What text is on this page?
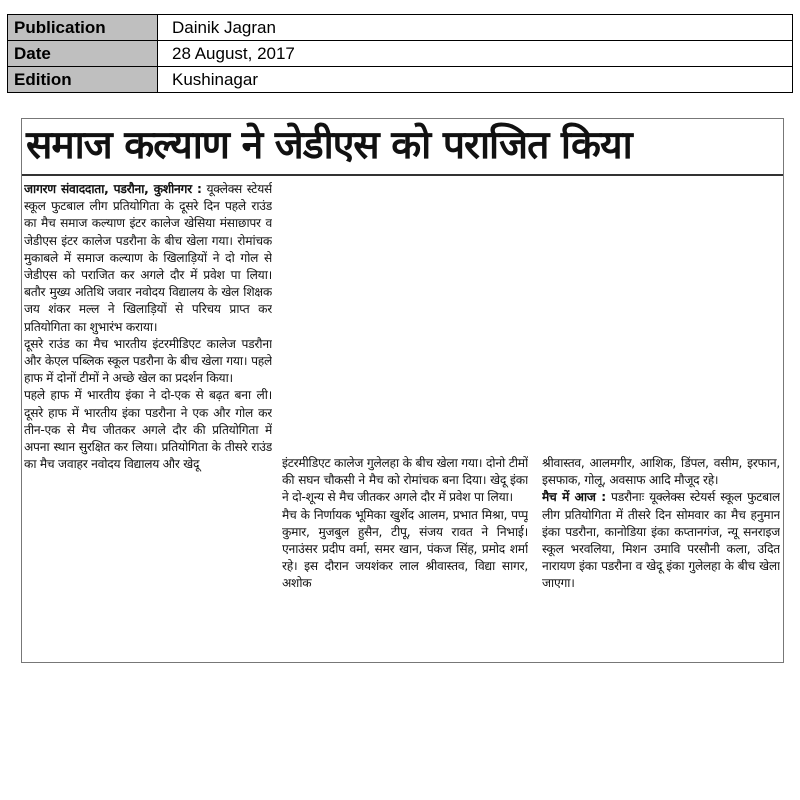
Publication	Dainik Jagran
Date	28 August, 2017
Edition	Kushinagar
समाज कल्याण ने जेडीएस को पराजित किया

जागरण संवाददाता, पडरौना, कुशीनगर : यूक्लेक्स स्टेयर्स स्कूल फुटबाल लीग प्रतियोगिता के दूसरे दिन पहले राउंड का मैच समाज कल्याण इंटर कालेज खेसिया मंसाछापर व जेडीएस इंटर कालेज पडरौना के बीच खेला गया। रोमांचक मुकाबले में समाज कल्याण के खिलाड़ियों ने दो गोल से जेडीएस को पराजित कर अगले दौर में प्रवेश पा लिया। बतौर मुख्य अतिथि जवार नवोदय विद्यालय के खेल शिक्षक जय शंकर मल्ल ने खिलाड़ियों से परिचय प्राप्त कर प्रतियोगिता का शुभारंभ कराया।

दूसरे राउंड का मैच भारतीय इंटरमीडिएट कालेज पडरौना और केएल पब्लिक स्कूल पडरौना के बीच खेला गया। पहले हाफ में दोनों टीमों ने अच्छे खेल का प्रदर्शन किया।

पहले हाफ में भारतीय इंका ने दो-एक से बढ़त बना ली। दूसरे हाफ में भारतीय इंका पडरौना ने एक और गोल कर तीन-एक से मैच जीतकर अगले दौर की प्रतियोगिता में अपना स्थान सुरक्षित कर लिया। प्रतियोगिता के तीसरे राउंड का मैच जवाहर नवोदय विद्यालय और खेदू	इंटरमीडिएट कालेज गुलेलहा के बीच खेला गया। दोनो टीमों की सघन चौकसी ने मैच को रोमांचक बना दिया। खेदू इंका ने दो-शून्य से मैच जीतकर अगले दौर में प्रवेश पा लिया।

मैच के निर्णायक भूमिका खुर्शेद आलम, प्रभात मिश्रा, पप्पू कुमार, मुजबुल हुसैन, टीपू, संजय रावत ने निभाई। एनाउंसर प्रदीप वर्मा, समर खान, पंकज सिंह, प्रमोद शर्मा रहे। इस दौरान जयशंकर लाल श्रीवास्तव, विद्या सागर, अशोक

श्रीवास्तव, आलमगीर, आशिक, डिंपल, वसीम, इरफान, इसफाक, गोलू, अवसाफ आदि मौजूद रहे।

मैच में आज : पडरौनाः यूक्लेक्स स्टेयर्स स्कूल फुटबाल लीग प्रतियोगिता में तीसरे दिन सोमवार का मैच हनुमान इंका पडरौना, कानोडिया इंका कप्तानगंज, न्यू सनराइज स्कूल भरवलिया, मिशन उमावि परसौनी कला, उदित नारायण इंका पडरौना व खेदू इंका गुलेलहा के बीच खेला जाएगा।
